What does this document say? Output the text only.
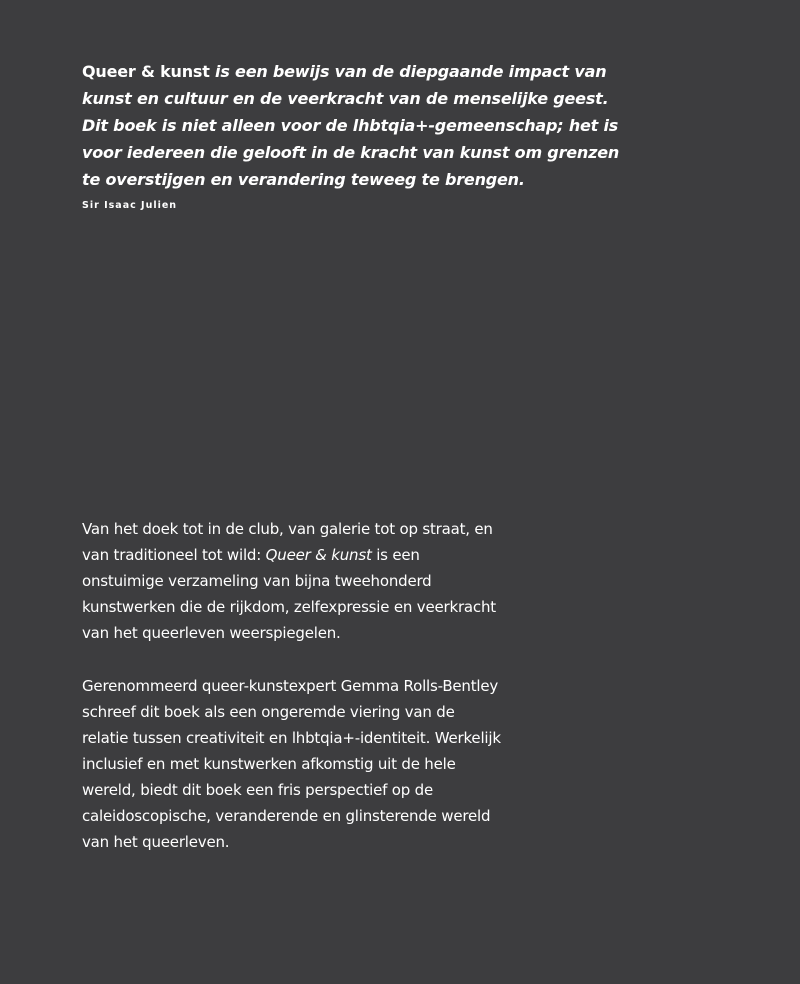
Queer & kunst is een bewijs van de diepgaande impact van kunst en cultuur en de veerkracht van de menselijke geest. Dit boek is niet alleen voor de lhbtqia+-gemeenschap; het is voor iedereen die gelooft in de kracht van kunst om grenzen te overstijgen en verandering teweeg te brengen.

Sir Isaac Julien

Van het doek tot in de club, van galerie tot op straat, en van traditioneel tot wild: Queer & kunst is een onstuimige verzameling van bijna tweehonderd kunstwerken die de rijkdom, zelfexpressie en veerkracht van het queerleven weerspiegelen.

Gerenommeerd queer-kunstexpert Gemma Rolls-Bentley schreef dit boek als een ongeremde viering van de relatie tussen creativiteit en lhbtqia+-identiteit. Werkelijk inclusief en met kunstwerken afkomstig uit de hele wereld, biedt dit boek een fris perspectief op de caleidoscopische, veranderende en glinsterende wereld van het queerleven.
